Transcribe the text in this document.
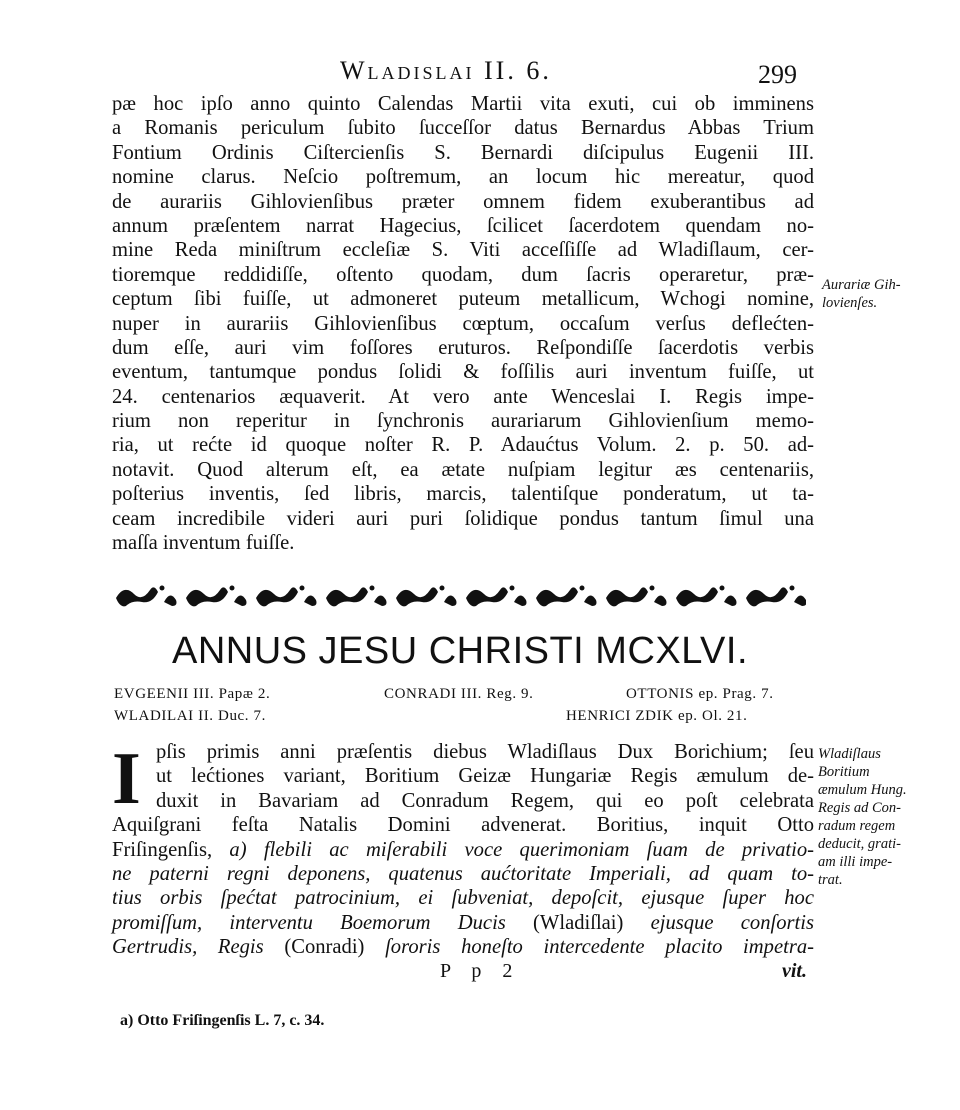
Wladislai II. 6.	299
pæ hoc ipſo anno quinto Calendas Martii vita exuti, cui ob imminens
a Romanis periculum ſubito ſucceſſor datus Bernardus Abbas Trium
Fontium Ordinis Ciſtercienſis S. Bernardi diſcipulus Eugenii III.
nomine clarus. Neſcio poſtremum, an locum hic mereatur, quod
de aurariis Gihlovienſibus præter omnem fidem exuberantibus ad
annum præſentem narrat Hagecius, ſcilicet ſacerdotem quendam no-
mine Reda miniſtrum eccleſiæ S. Viti acceſſiſſe ad Wladiſlaum, cer-
tioremque reddidiſſe, oſtento quodam, dum ſacris operaretur, præ-
ceptum ſibi fuiſſe, ut admoneret puteum metallicum, Wchogi nomine,
nuper in aurariis Gihlovienſibus cœptum, occaſum verſus deflećten-
dum eſſe, auri vim foſſores eruturos. Reſpondiſſe ſacerdotis verbis
eventum, tantumque pondus ſolidi & foſſilis auri inventum fuiſſe, ut
24. centenarios æquaverit. At vero ante Wenceslai I. Regis impe-
rium non reperitur in ſynchronis aurariarum Gihlovienſium memo-
ria, ut rećte id quoque noſter R. P. Adaućtus Volum. 2. p. 50. ad-
notavit. Quod alterum eſt, ea ætate nuſpiam legitur æs centenariis,
poſterius inventis, ſed libris, marcis, talentiſque ponderatum, ut ta-
ceam incredibile videri auri puri ſolidique pondus tantum ſimul una
maſſa inventum fuiſſe.
Aurariæ Gih-
lovienſes.
ANNUS JESU CHRISTI MCXLVI.
EVGEENII III. Papæ 2.	CONRADI III. Reg. 9.	OTTONIS ep. Prag. 7.
WLADILAI II. Duc. 7.	HENRICI ZDIK ep. Ol. 21.
I pſis primis anni præſentis diebus Wladiſlaus Dux Borichium; ſeu
ut lećtiones variant, Boritium Geizæ Hungariæ Regis æmulum de-
duxit in Bavariam ad Conradum Regem, qui eo poſt celebrata
Aquiſgrani feſta Natalis Domini advenerat. Boritius, inquit Otto
Friſingenſis, a) flebili ac miſerabili voce querimoniam ſuam de privatio-
ne paterni regni deponens, quatenus aućtoritate Imperiali, ad quam to-
tius orbis ſpećtat patrocinium, ei ſubveniat, depoſcit, ejusque ſuper hoc
promiſſum, interventu Boemorum Ducis (Wladiſlai) ejusque conſortis
Gertrudis, Regis (Conradi) ſororis honeſto intercedente placito impetra-
Wladiſlaus
Boritium
æmulum Hung.
Regis ad Con-
radum regem
deducit, grati-
am illi impe-
trat.
P p 2	vit.
a) Otto Friſingenſis L. 7, c. 34.
